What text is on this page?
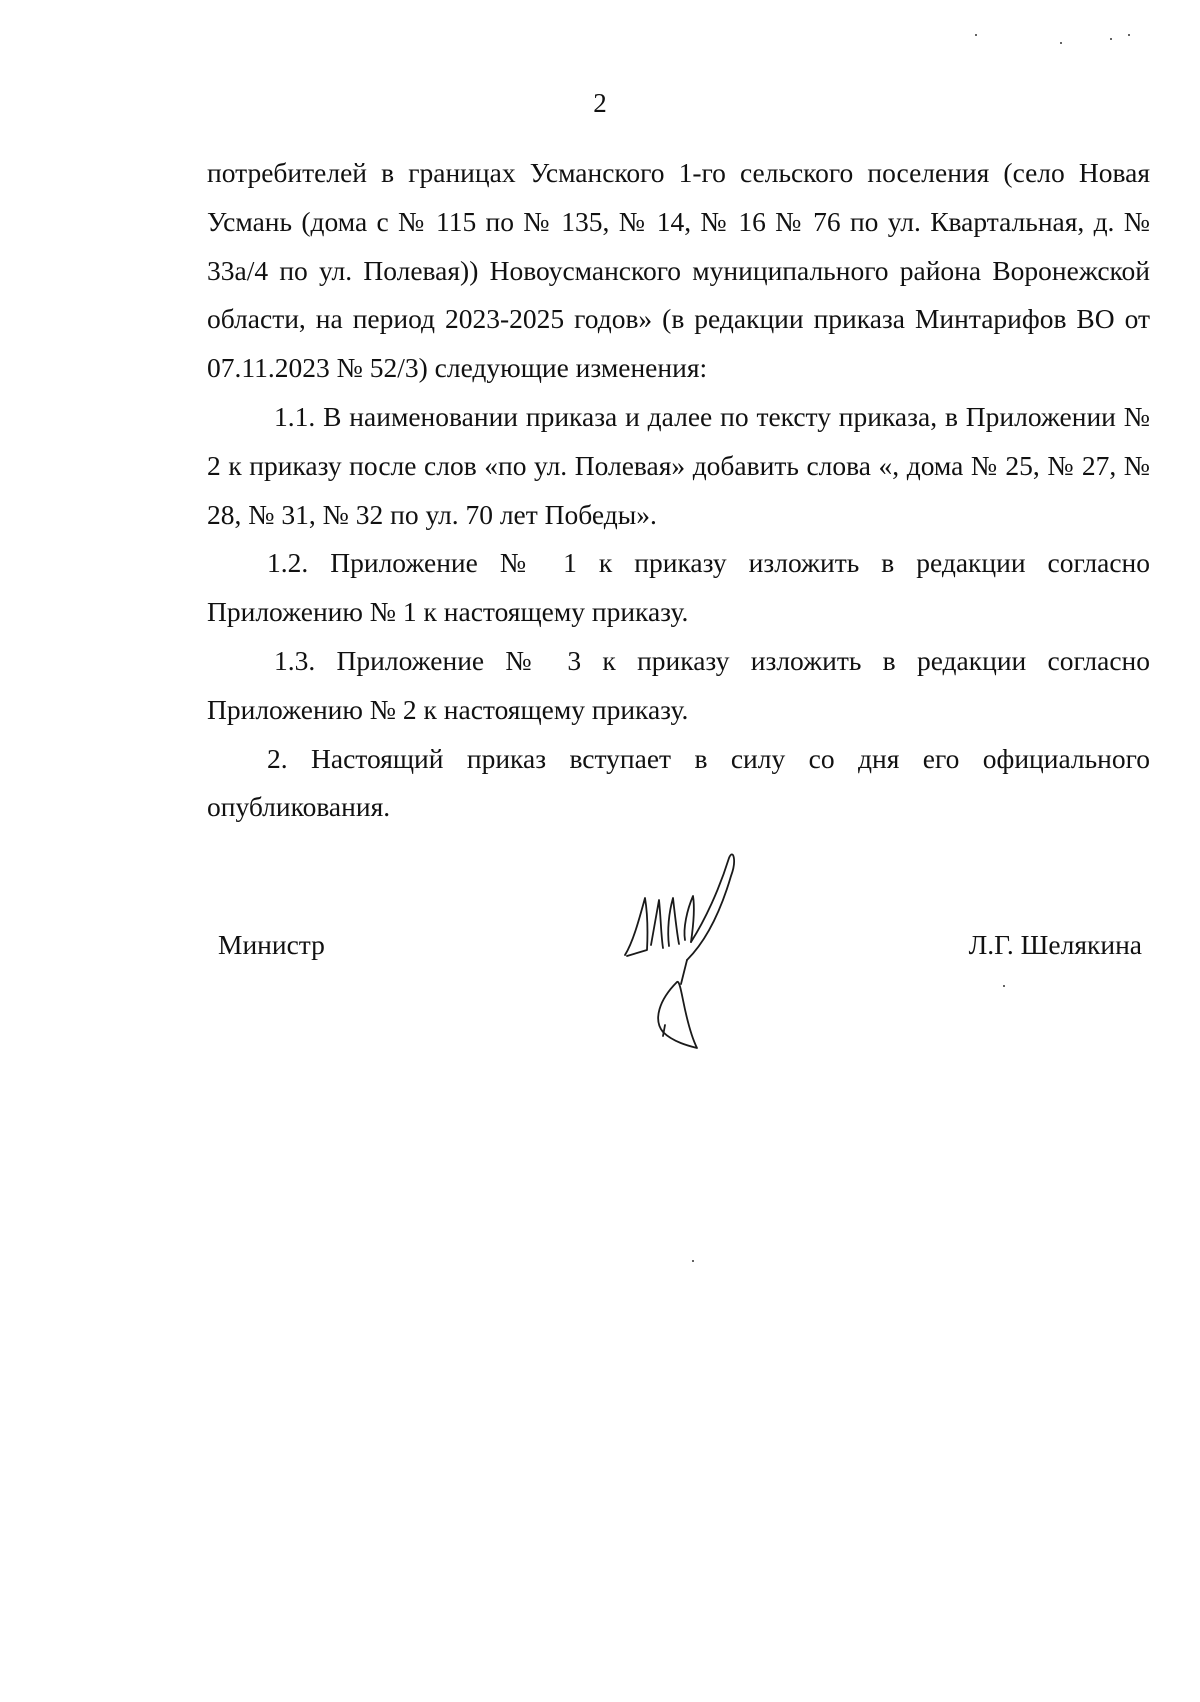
2

потребителей в границах Усманского 1-го сельского поселения (село Новая Усмань (дома с № 115 по № 135, № 14, № 16 № 76 по ул. Квартальная, д. № 33а/4 по ул. Полевая)) Новоусманского муниципального района Воронежской области, на период 2023-2025 годов» (в редакции приказа Минтарифов ВО от 07.11.2023 № 52/3) следующие изменения:

1.1. В наименовании приказа и далее по тексту приказа, в Приложении № 2 к приказу после слов «по ул. Полевая» добавить слова «, дома № 25, № 27, № 28, № 31, № 32 по ул. 70 лет Победы».

1.2. Приложение № 1 к приказу изложить в редакции согласно Приложению № 1 к настоящему приказу.

1.3. Приложение № 3 к приказу изложить в редакции согласно Приложению № 2 к настоящему приказу.

2. Настоящий приказ вступает в силу со дня его официального опубликования.

Министр	Л.Г. Шелякина
